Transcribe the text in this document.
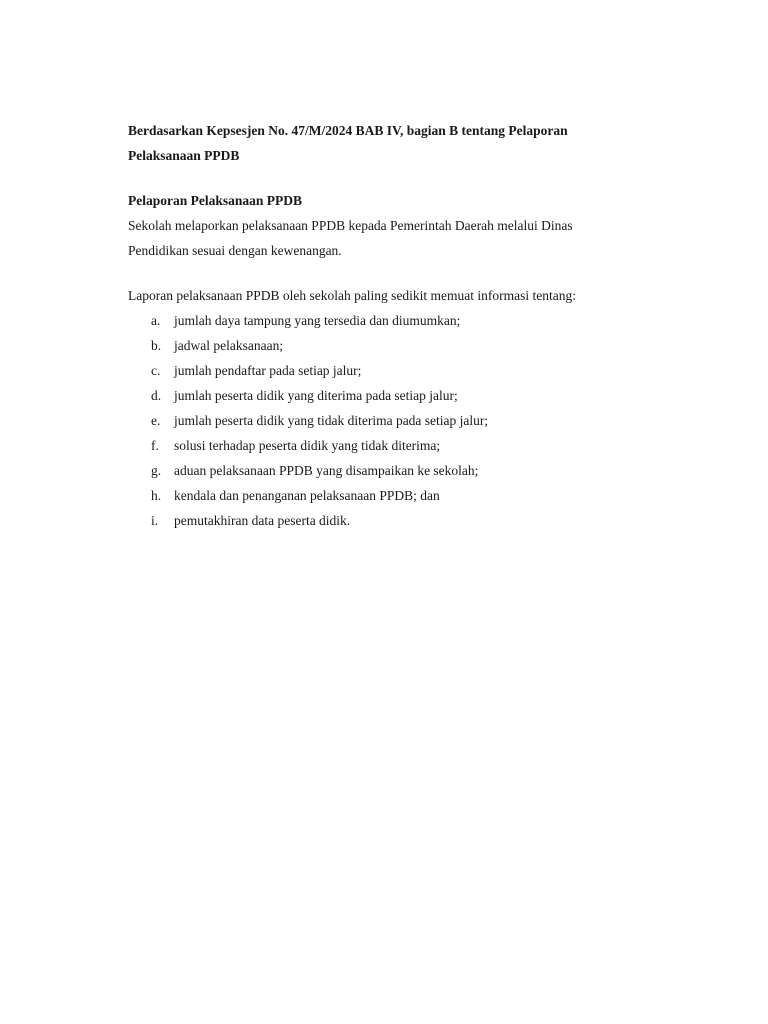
Berdasarkan Kepsesjen No. 47/M/2024 BAB IV, bagian B tentang Pelaporan

Pelaksanaan PPDB

Pelaporan Pelaksanaan PPDB

Sekolah melaporkan pelaksanaan PPDB kepada Pemerintah Daerah melalui Dinas

Pendidikan sesuai dengan kewenangan.

Laporan pelaksanaan PPDB oleh sekolah paling sedikit memuat informasi tentang:

a.	jumlah daya tampung yang tersedia dan diumumkan;
b. jadwal pelaksanaan;
c.	jumlah pendaftar pada setiap jalur;
d. jumlah peserta didik yang diterima pada setiap jalur;
e.	jumlah peserta didik yang tidak diterima pada setiap jalur;
f.	solusi terhadap peserta didik yang tidak diterima;
g. aduan pelaksanaan PPDB yang disampaikan ke sekolah;
h. kendala dan penanganan pelaksanaan PPDB; dan
i.	pemutakhiran data peserta didik.
